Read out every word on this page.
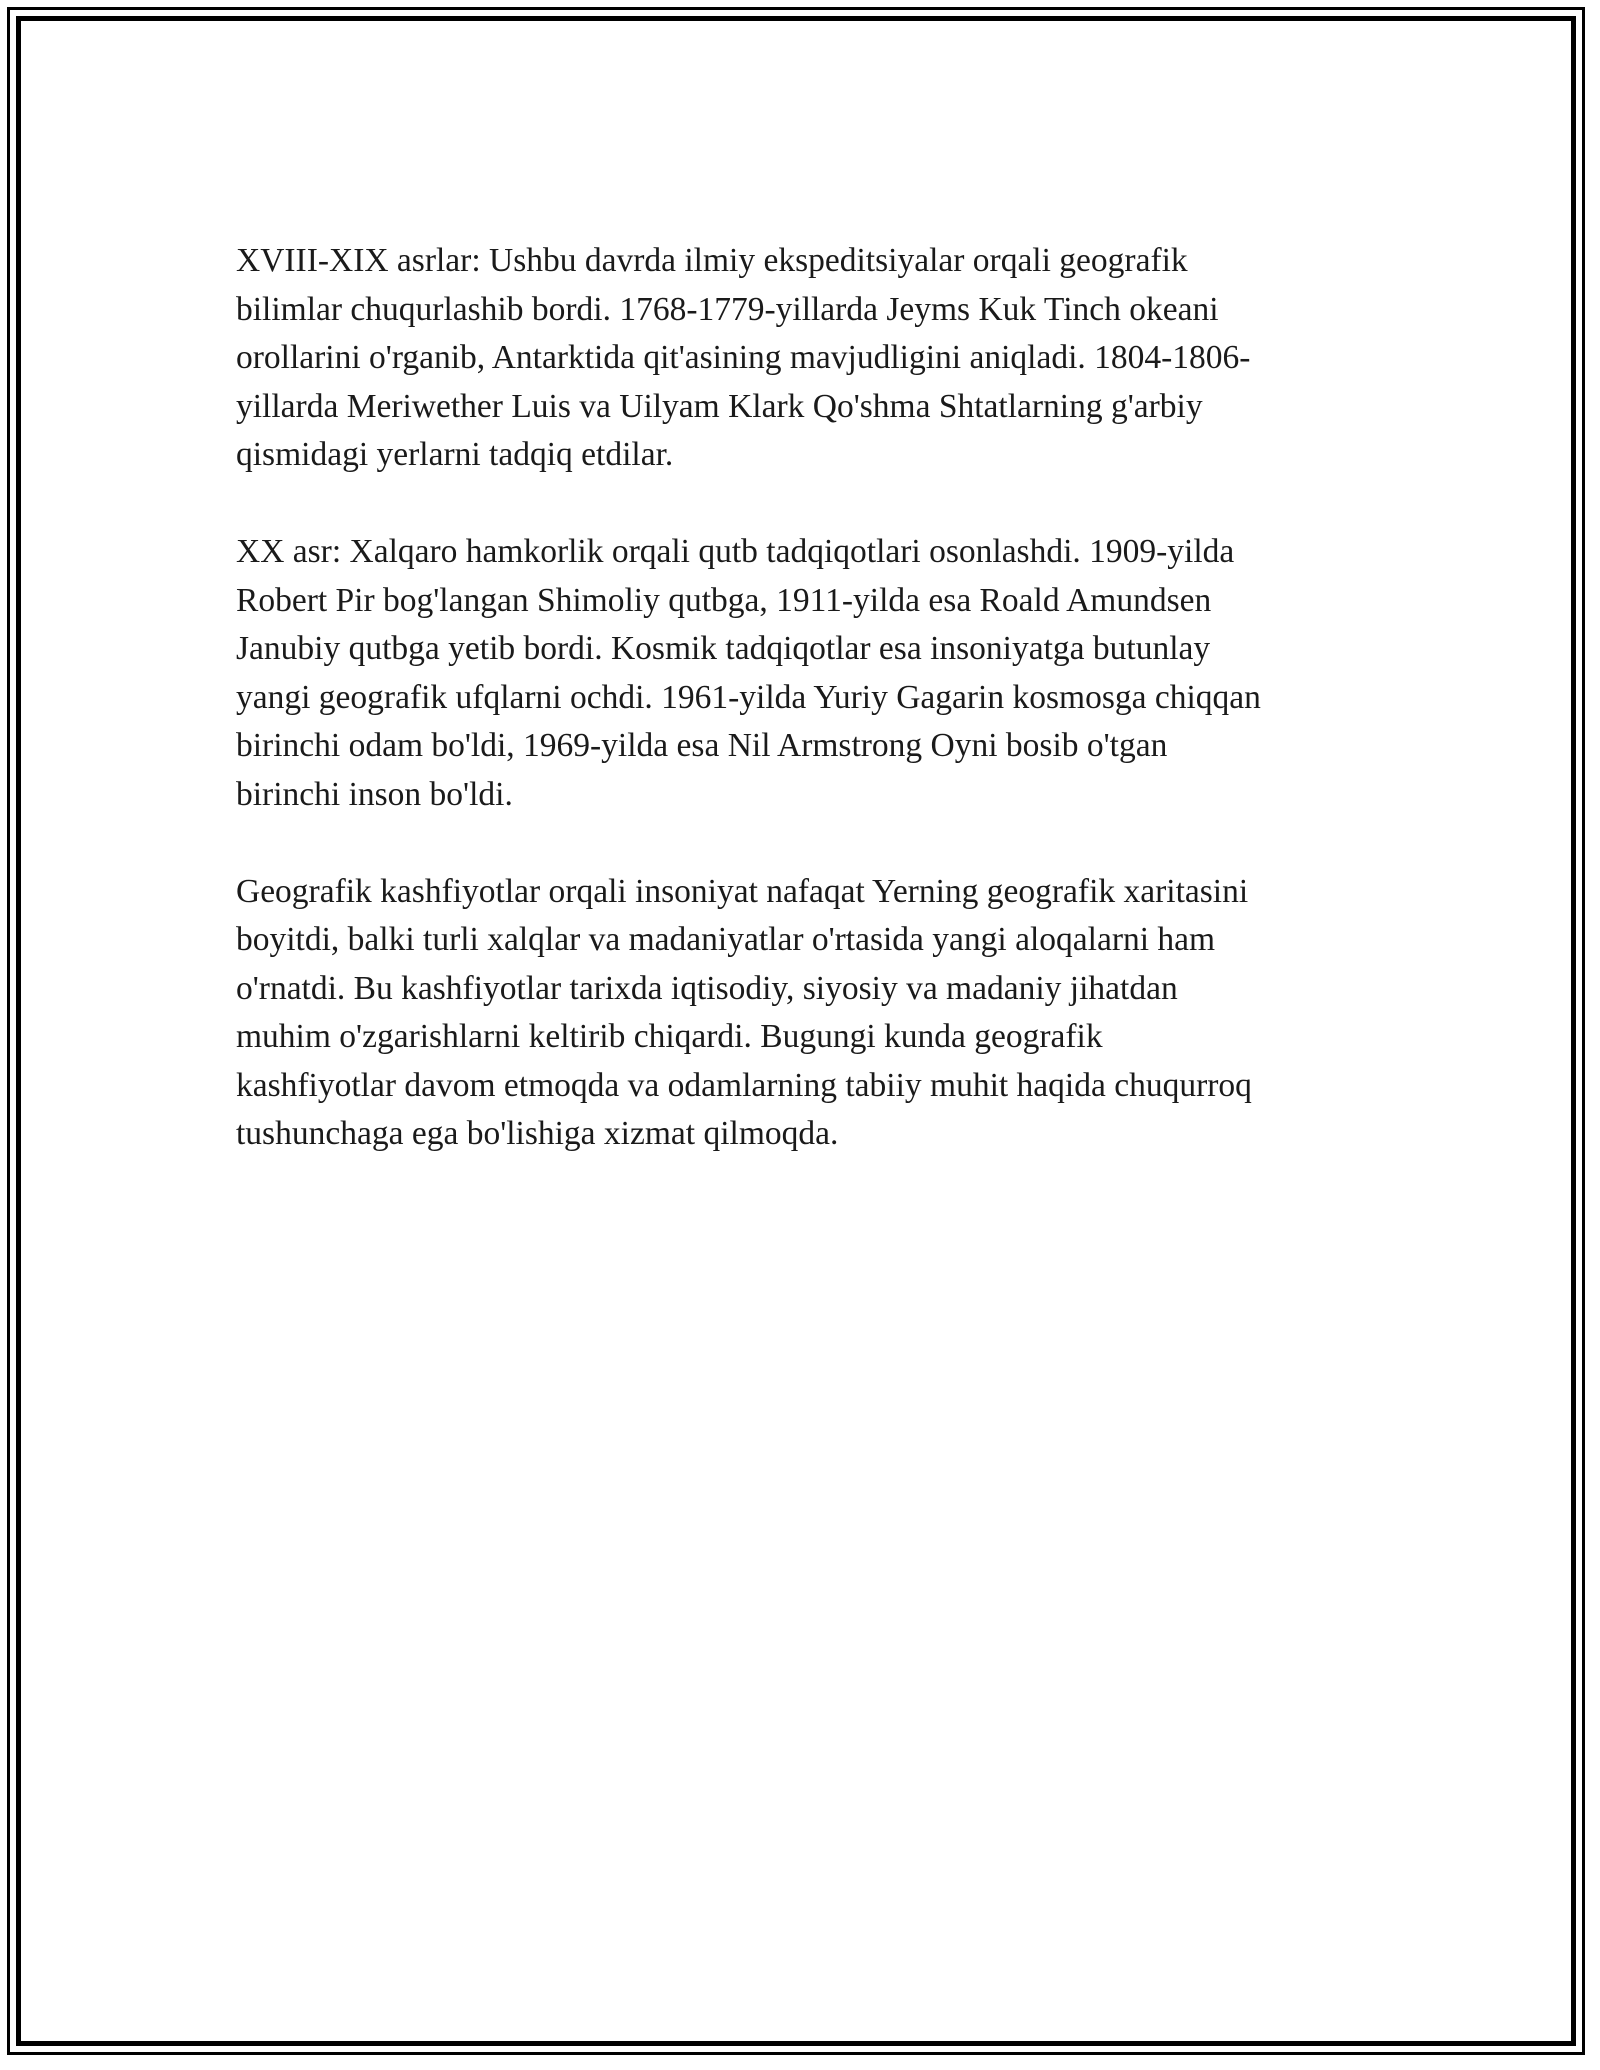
XVIII-XIX asrlar: Ushbu davrda ilmiy ekspeditsiyalar orqali geografik
bilimlar chuqurlashib bordi. 1768-1779-yillarda Jeyms Kuk Tinch okeani
orollarini o'rganib, Antarktida qit'asining mavjudligini aniqladi. 1804-1806-
yillarda Meriwether Luis va Uilyam Klark Qo'shma Shtatlarning g'arbiy
qismidagi yerlarni tadqiq etdilar.

XX asr: Xalqaro hamkorlik orqali qutb tadqiqotlari osonlashdi. 1909-yilda
Robert Pir bog'langan Shimoliy qutbga, 1911-yilda esa Roald Amundsen
Janubiy qutbga yetib bordi. Kosmik tadqiqotlar esa insoniyatga butunlay
yangi geografik ufqlarni ochdi. 1961-yilda Yuriy Gagarin kosmosga chiqqan
birinchi odam bo'ldi, 1969-yilda esa Nil Armstrong Oyni bosib o'tgan
birinchi inson bo'ldi.

Geografik kashfiyotlar orqali insoniyat nafaqat Yerning geografik xaritasini
boyitdi, balki turli xalqlar va madaniyatlar o'rtasida yangi aloqalarni ham
o'rnatdi. Bu kashfiyotlar tarixda iqtisodiy, siyosiy va madaniy jihatdan
muhim o'zgarishlarni keltirib chiqardi. Bugungi kunda geografik
kashfiyotlar davom etmoqda va odamlarning tabiiy muhit haqida chuqurroq
tushunchaga ega bo'lishiga xizmat qilmoqda.
